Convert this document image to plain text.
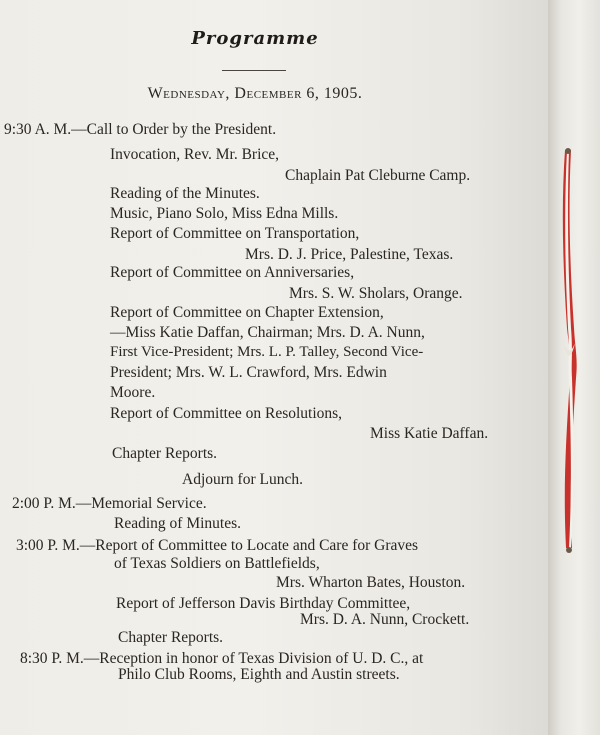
Programme
Wednesday, December 6, 1905.
9:30 A. M.—Call to Order by the President.
Invocation, Rev. Mr. Brice,
Chaplain Pat Cleburne Camp.
Reading of the Minutes.
Music, Piano Solo, Miss Edna Mills.
Report of Committee on Transportation,
Mrs. D. J. Price, Palestine, Texas.
Report of Committee on Anniversaries,
Mrs. S. W. Sholars, Orange.
Report of Committee on Chapter Extension,
—Miss Katie Daffan, Chairman; Mrs. D. A. Nunn,
First Vice-President; Mrs. L. P. Talley, Second Vice-
President; Mrs. W. L. Crawford, Mrs. Edwin
Moore.
Report of Committee on Resolutions,
Miss Katie Daffan.
Chapter Reports.
Adjourn for Lunch.
2:00 P. M.—Memorial Service.
Reading of Minutes.
3:00 P. M.—Report of Committee to Locate and Care for Graves
of Texas Soldiers on Battlefields,
Mrs. Wharton Bates, Houston.
Report of Jefferson Davis Birthday Committee,
Mrs. D. A. Nunn, Crockett.
Chapter Reports.
8:30 P. M.—Reception in honor of Texas Division of U. D. C., at
Philo Club Rooms, Eighth and Austin streets.
